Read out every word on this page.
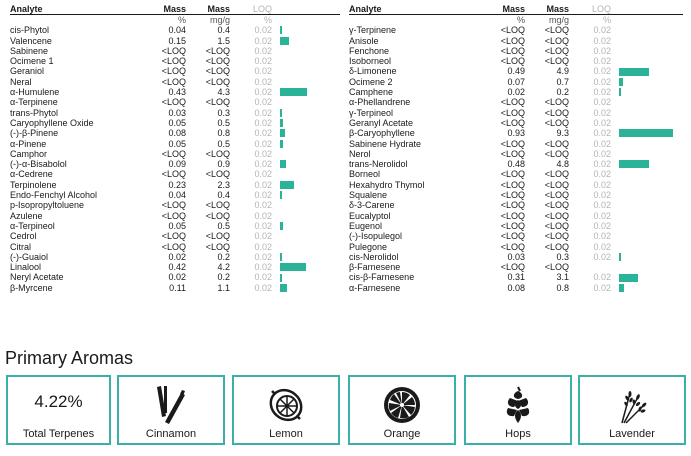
Analyte	Mass	Mass	LOQ
%	mg/g	%
cis-Phytol	0.04	0.4	0.02
Valencene	0.15	1.5	0.02
Sabinene	<LOQ	<LOQ	0.02
Ocimene 1	<LOQ	<LOQ	0.02
Geraniol	<LOQ	<LOQ	0.02
Neral	<LOQ	<LOQ	0.02
α-Humulene	0.43	4.3	0.02
α-Terpinene	<LOQ	<LOQ	0.02
trans-Phytol	0.03	0.3	0.02
Caryophyllene Oxide	0.05	0.5	0.02
(-)-β-Pinene	0.08	0.8	0.02
α-Pinene	0.05	0.5	0.02
Camphor	<LOQ	<LOQ	0.02
(-)-α-Bisabolol	0.09	0.9	0.02
α-Cedrene	<LOQ	<LOQ	0.02
Terpinolene	0.23	2.3	0.02
Endo-Fenchyl Alcohol	0.04	0.4	0.02
p-Isopropyltoluene	<LOQ	<LOQ	0.02
Azulene	<LOQ	<LOQ	0.02
α-Terpineol	0.05	0.5	0.02
Cedrol	<LOQ	<LOQ	0.02
Citral	<LOQ	<LOQ	0.02
(-)-Guaiol	0.02	0.2	0.02
Linalool	0.42	4.2	0.02
Neryl Acetate	0.02	0.2	0.02
β-Myrcene	0.11	1.1	0.02
Analyte	Mass	Mass	LOQ
%	mg/g	%
γ-Terpinene	<LOQ	<LOQ	0.02
Anisole	<LOQ	<LOQ	0.02
Fenchone	<LOQ	<LOQ	0.02
Isoborneol	<LOQ	<LOQ	0.02
δ-Limonene	0.49	4.9	0.02
Ocimene 2	0.07	0.7	0.02
Camphene	0.02	0.2	0.02
α-Phellandrene	<LOQ	<LOQ	0.02
γ-Terpineol	<LOQ	<LOQ	0.02
Geranyl Acetate	<LOQ	<LOQ	0.02
β-Caryophyllene	0.93	9.3	0.02
Sabinene Hydrate	<LOQ	<LOQ	0.02
Nerol	<LOQ	<LOQ	0.02
trans-Nerolidol	0.48	4.8	0.02
Borneol	<LOQ	<LOQ	0.02
Hexahydro Thymol	<LOQ	<LOQ	0.02
Squalene	<LOQ	<LOQ	0.02
δ-3-Carene	<LOQ	<LOQ	0.02
Eucalyptol	<LOQ	<LOQ	0.02
Eugenol	<LOQ	<LOQ	0.02
(-)-Isopulegol	<LOQ	<LOQ	0.02
Pulegone	<LOQ	<LOQ	0.02
cis-Nerolidol	0.03	0.3	0.02
β-Farnesene	<LOQ	<LOQ
cis-β-Farnesene	0.31	3.1	0.02
α-Farnesene	0.08	0.8	0.02
Primary Aromas
4.22%
Total Terpenes	Cinnamon	Lemon	Orange	Hops	Lavender
